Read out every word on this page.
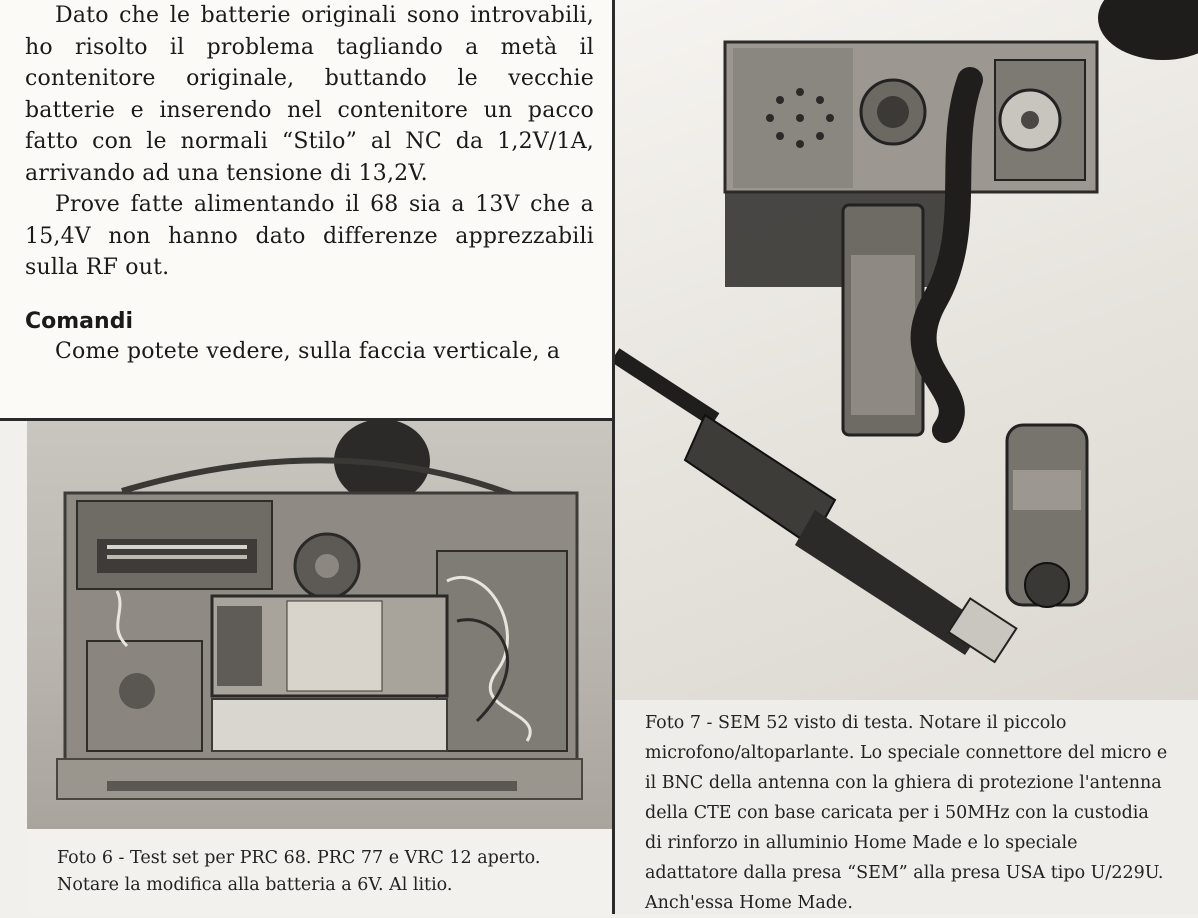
Dato che le batterie originali sono introvabili, ho risolto il problema tagliando a metà il contenitore originale, buttando le vecchie batterie e inserendo nel contenitore un pacco fatto con le normali “Stilo” al NC da 1,2V/1A, arrivando ad una tensione di 13,2V.

Prove fatte alimentando il 68 sia a 13V che a 15,4V non hanno dato differenze apprezzabili sulla RF out.

Comandi

Come potete vedere, sulla faccia verticale, a

Foto 6 - Test set per PRC 68. PRC 77 e VRC 12 aperto. Notare la modifica alla batteria a 6V. Al litio.
Foto 7 - SEM 52 visto di testa. Notare il piccolo microfono/altoparlante. Lo speciale connettore del micro e il BNC della antenna con la ghiera di protezione l'antenna della CTE con base caricata per i 50MHz con la custodia di rinforzo in alluminio Home Made e lo speciale adattatore dalla presa “SEM” alla presa USA tipo U/229U. Anch'essa Home Made.
